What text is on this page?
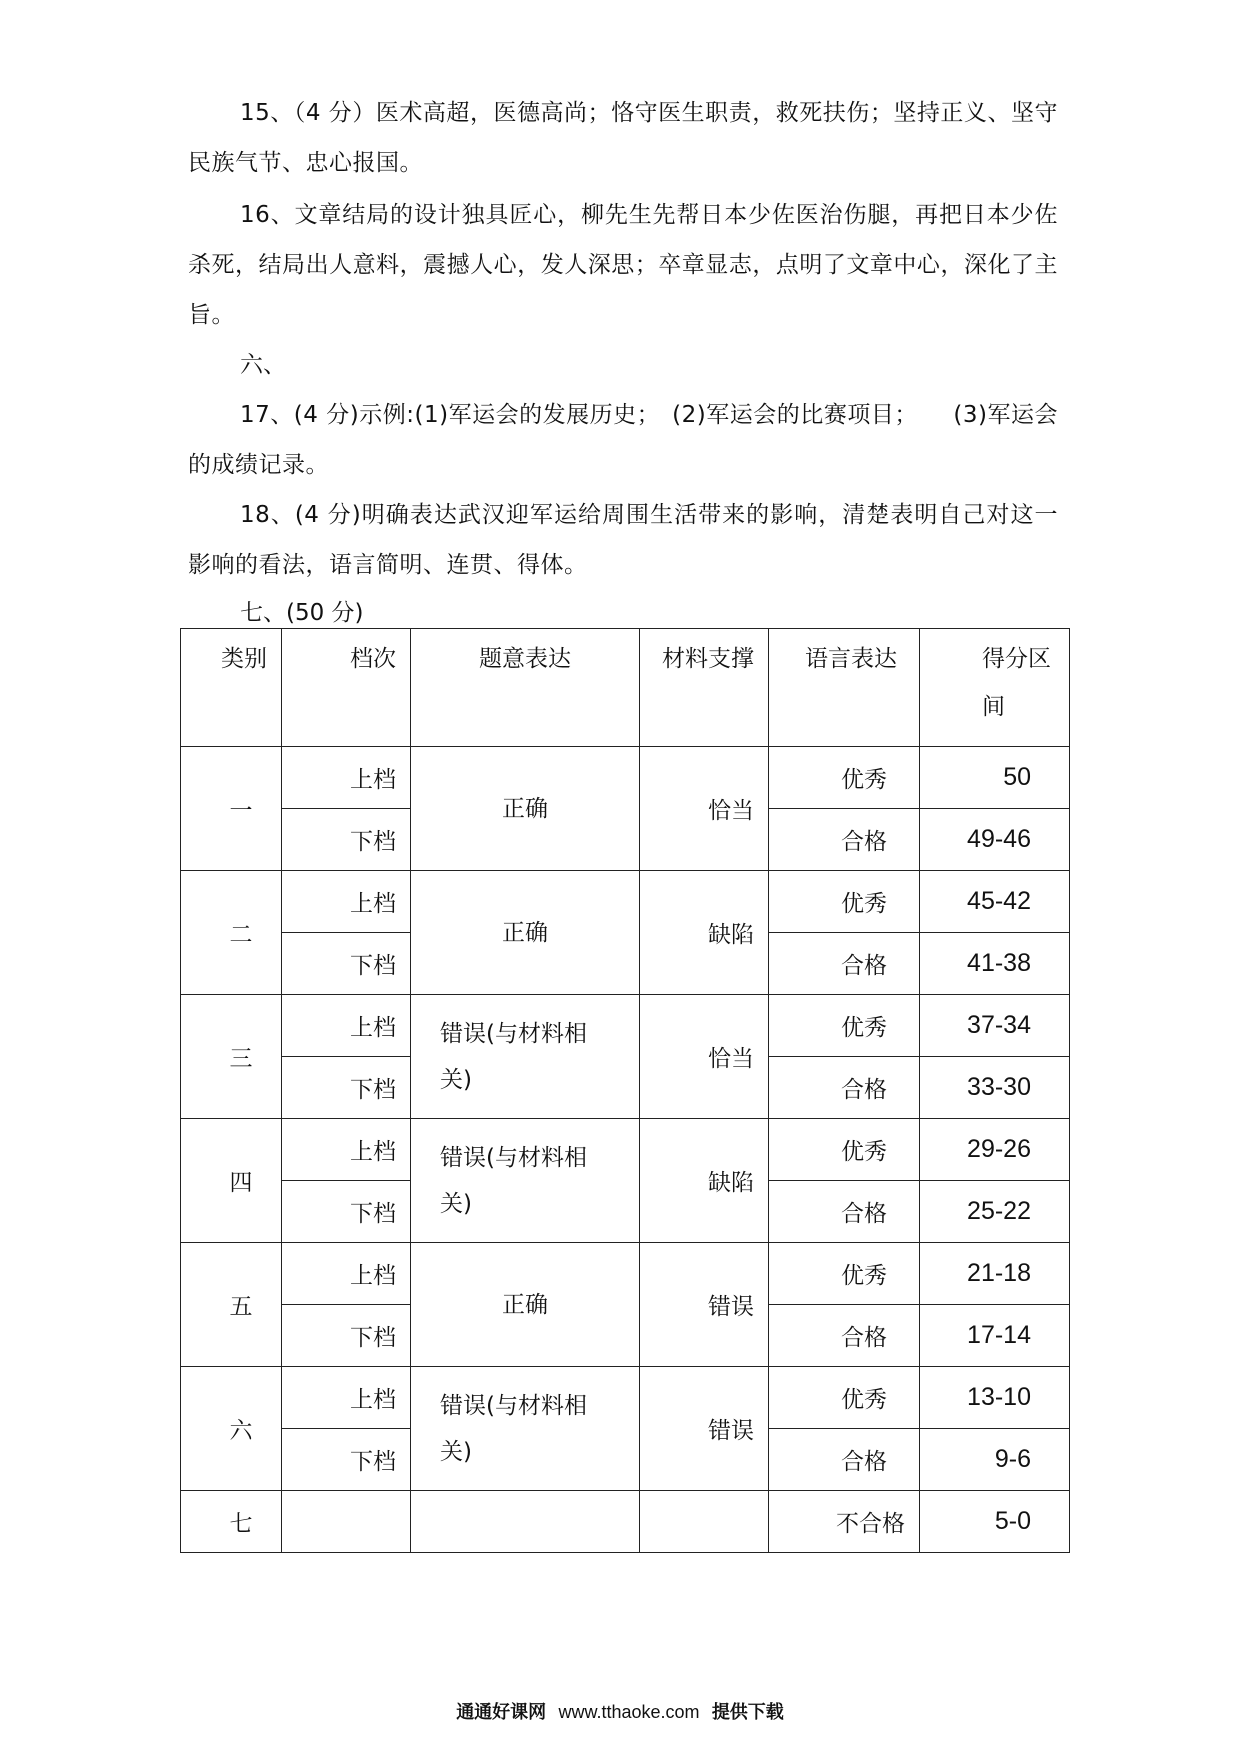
15、（4 分）医术高超，医德高尚；恪守医生职责，救死扶伤；坚持正义、坚守民族气节、忠心报国。

16、文章结局的设计独具匠心，柳先生先帮日本少佐医治伤腿，再把日本少佐杀死，结局出人意料，震撼人心，发人深思；卒章显志，点明了文章中心，深化了主旨。

六、

17、(4 分)示例:(1)军运会的发展历史；　(2)军运会的比赛项目；　　(3)军运会的成绩记录。

18、(4 分)明确表达武汉迎军运给周围生活带来的影响，清楚表明自己对这一影响的看法，语言简明、连贯、得体。

七、(50 分)

类别	档次	题意表达	材料支撑	语言表达	得分区间
一	上档	正确	恰当	优秀	50
	下档			合格	49-46
二	上档	正确	缺陷	优秀	45-42
	下档			合格	41-38
三	上档	错误(与材料相关)	恰当	优秀	37-34
	下档			合格	33-30
四	上档	错误(与材料相关)	缺陷	优秀	29-26
	下档			合格	25-22
五	上档	正确	错误	优秀	21-18
	下档			合格	17-14
六	上档	错误(与材料相关)	错误	优秀	13-10
	下档			合格	9-6
七				不合格	5-0
通通好课网 www.tthaoke.com 提供下载
